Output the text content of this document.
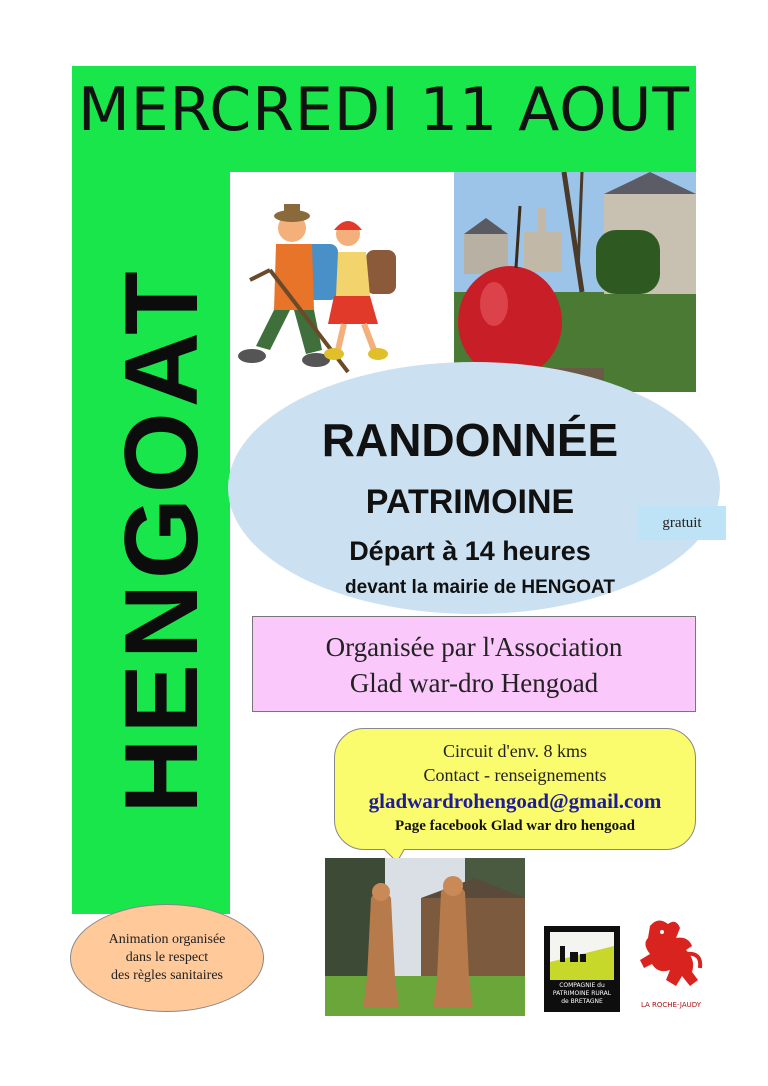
MERCREDI 11 AOUT
HENGOAT	RANDONNÉE
PATRIMOINE
Départ à 14 heures
devant la mairie de HENGOAT
gratuit
Organisée par l'Association
Glad war-dro Hengoad
Circuit d'env. 8 kms
Contact - renseignements
gladwardrohengoad@gmail.com
Page facebook Glad war dro hengoad
Animation organisée
dans le respect
des règles sanitaires
COMPAGNIE du
PATRIMOINE RURAL
de BRETAGNE	LA ROCHE-JAUDY
